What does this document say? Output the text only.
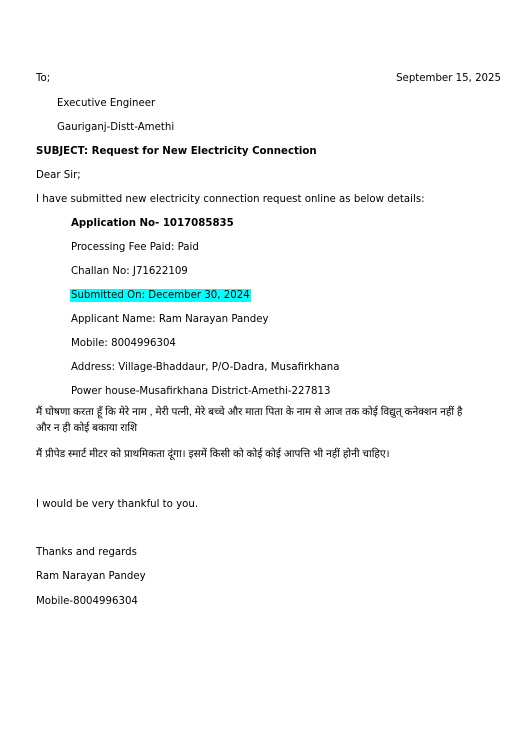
To;	September 15, 2025
Executive Engineer
Gauriganj-Distt-Amethi
SUBJECT: Request for New Electricity Connection
Dear Sir;
I have submitted new electricity connection request online as below details:
Application No- 1017085835
Processing Fee Paid: Paid
Challan No: J71622109
Submitted On: December 30, 2024
Applicant Name: Ram Narayan Pandey
Mobile: 8004996304
Address: Village-Bhaddaur, P/O-Dadra, Musafirkhana
Power house-Musafirkhana District-Amethi-227813
मैं घोषणा करता हूँ कि मेरे नाम , मेरी पत्नी, मेरे बच्चे और माता पिता के नाम से आज तक कोई विद्युत् कनेक्शन नहीं है
और न ही कोई बकाया राशि
मैं प्रीपेड स्मार्ट मीटर को प्राथमिकता दूंगा। इसमें किसी को कोई कोई आपत्ति भी नहीं होनी चाहिए।
I would be very thankful to you.
Thanks and regards
Ram Narayan Pandey
Mobile-8004996304
